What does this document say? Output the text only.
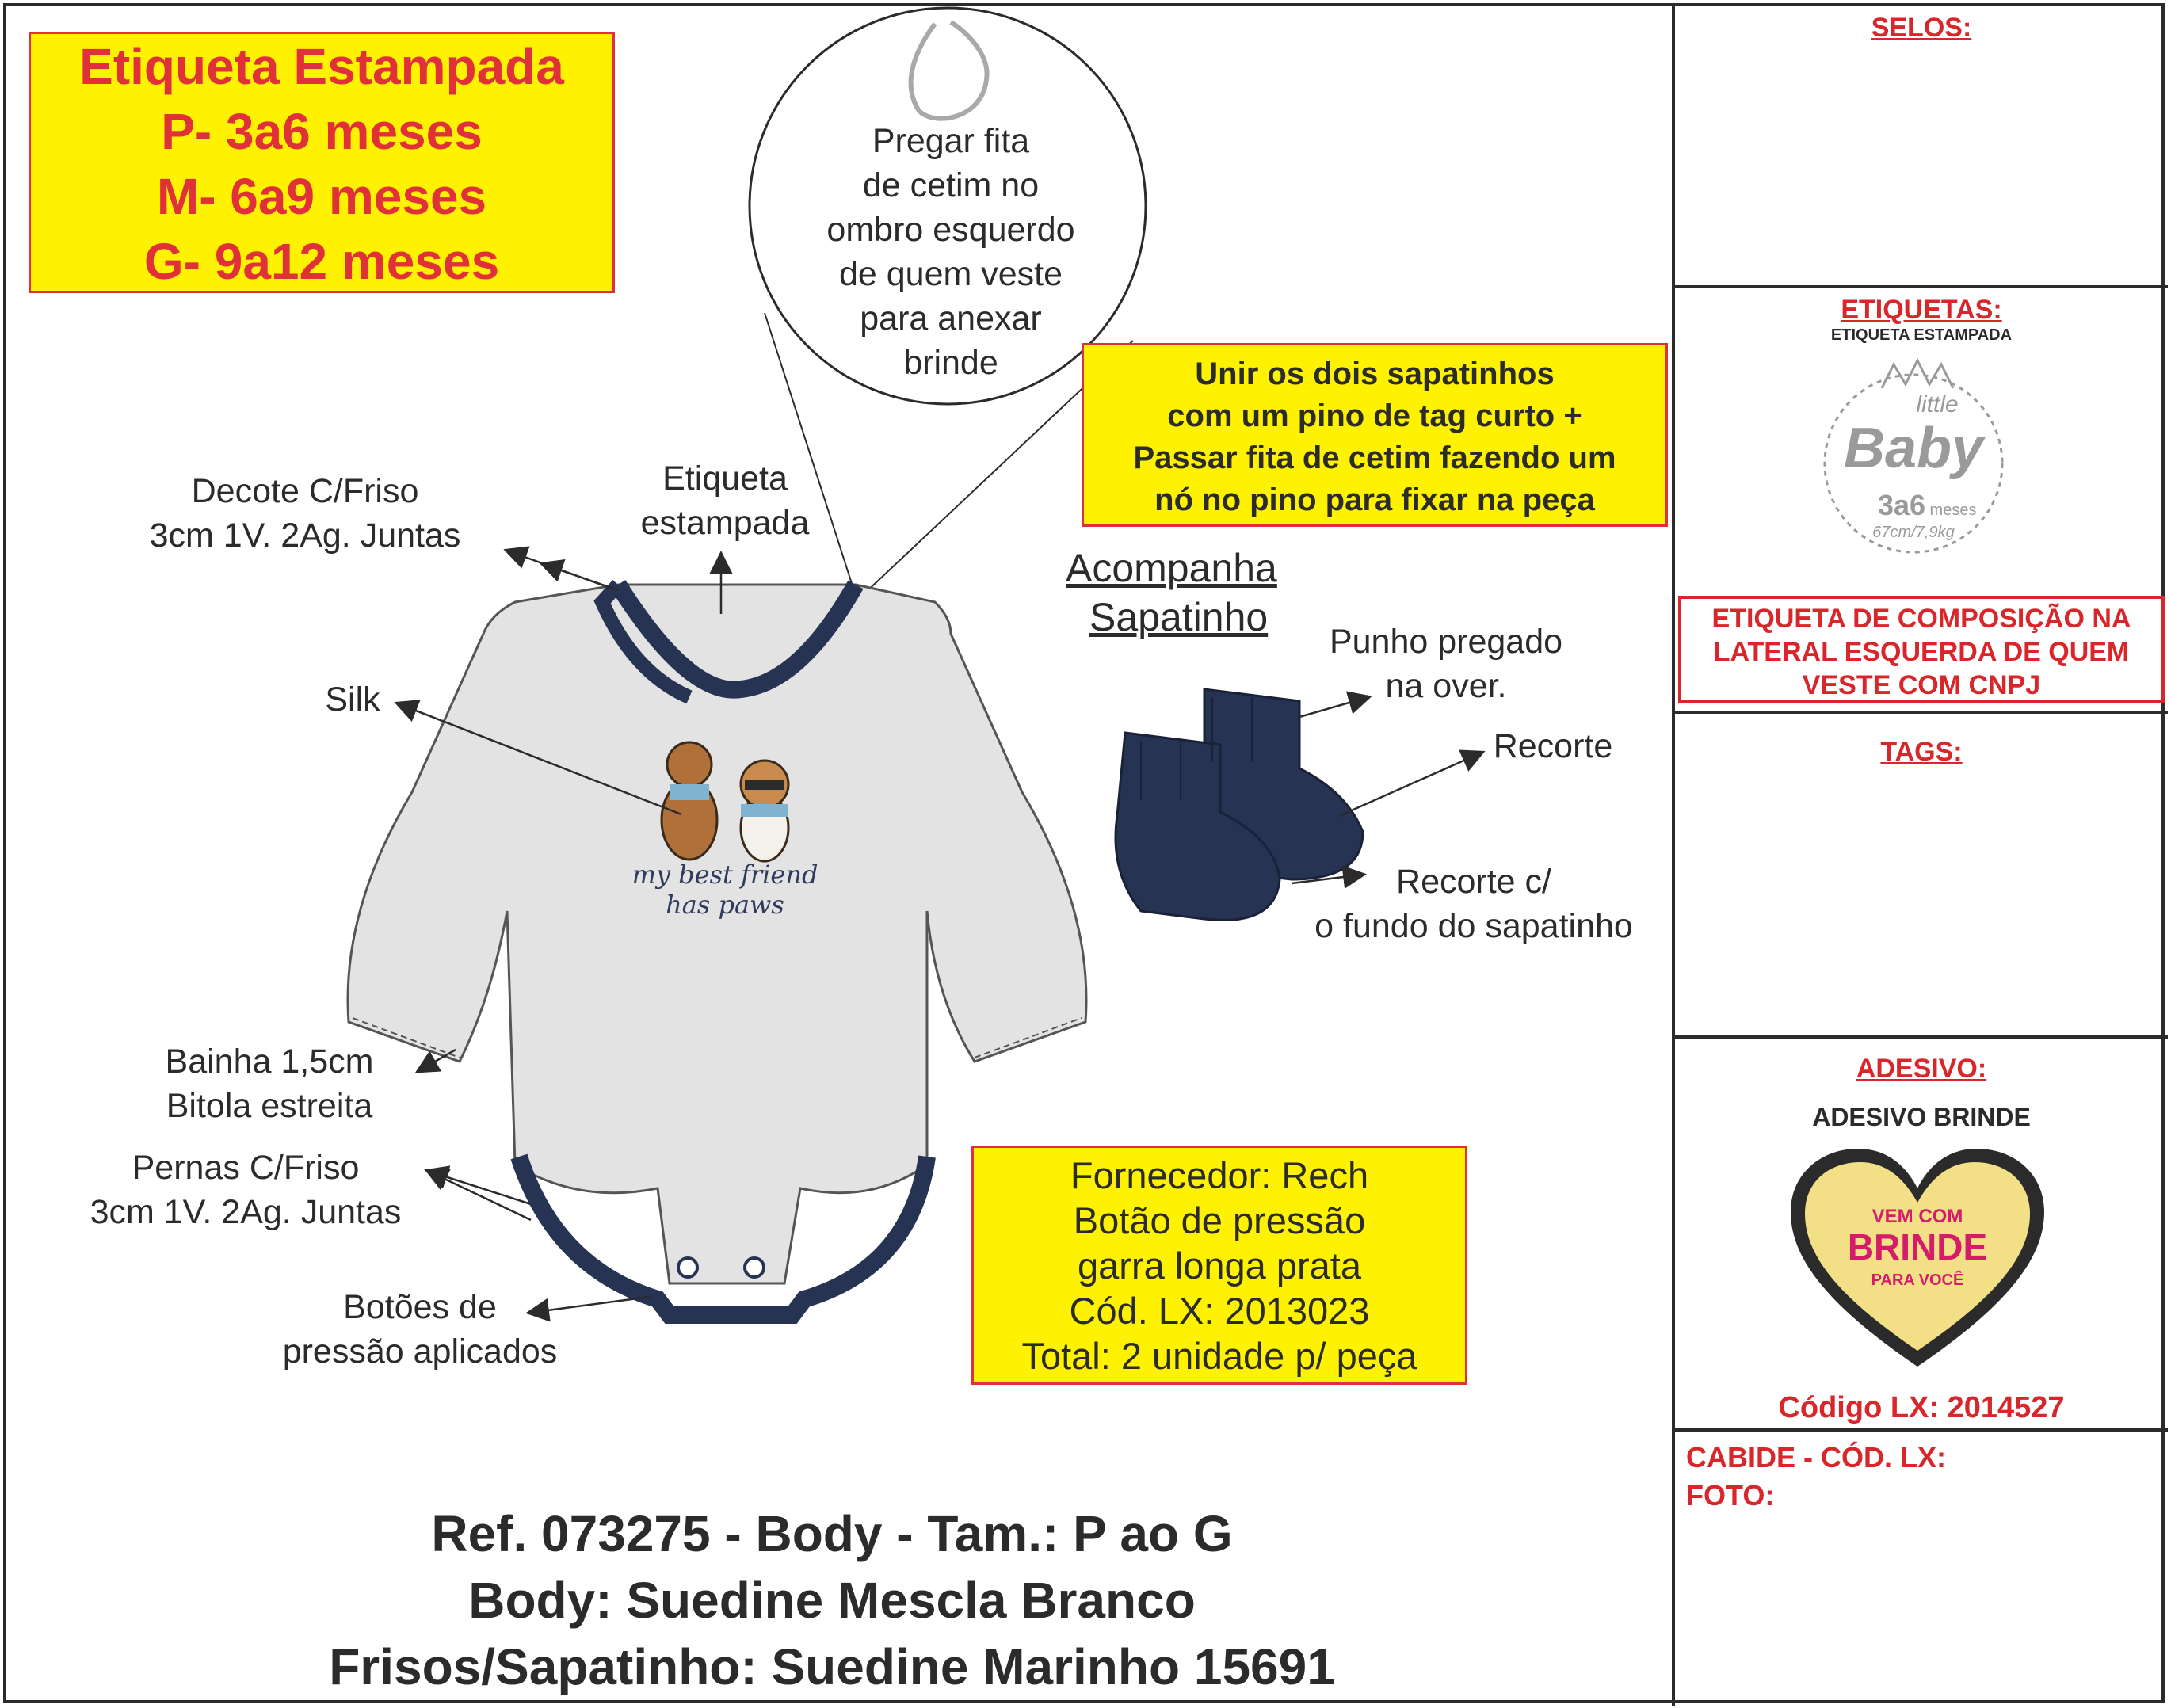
Etiqueta Estampada
P- 3a6 meses
M- 6a9 meses
G- 9a12 meses
Decote C/Friso
3cm 1V. 2Ag. Juntas
Etiqueta
estampada
Silk
Bainha 1,5cm
Bitola estreita
Pernas C/Friso
3cm 1V. 2Ag. Juntas
Botões de
pressão aplicados
Pregar fita
de cetim no
ombro esquerdo
de quem veste
para anexar
brinde
my best friend
has paws
Unir os dois sapatinhos
com um pino de tag curto +
Passar fita de cetim fazendo um
nó no pino para fixar na peça
Acompanha
Sapatinho
Punho pregado
na over.
Recorte
Recorte c/
o fundo do sapatinho
Fornecedor: Rech
Botão de pressão
garra longa prata
Cód. LX: 2013023
Total: 2 unidade p/ peça
Ref. 073275 - Body - Tam.: P ao G
Body: Suedine Mescla Branco
Frisos/Sapatinho: Suedine Marinho 15691
SELOS:
ETIQUETAS:
ETIQUETA ESTAMPADA
little
Baby
3a6 meses
67cm/7,9kg
ETIQUETA DE COMPOSIÇÃO NA
LATERAL ESQUERDA DE QUEM
VESTE COM CNPJ
TAGS:
ADESIVO:
ADESIVO BRINDE
VEM COM
BRINDE
PARA VOCÊ
Código LX: 2014527
CABIDE - CÓD. LX:
FOTO:
